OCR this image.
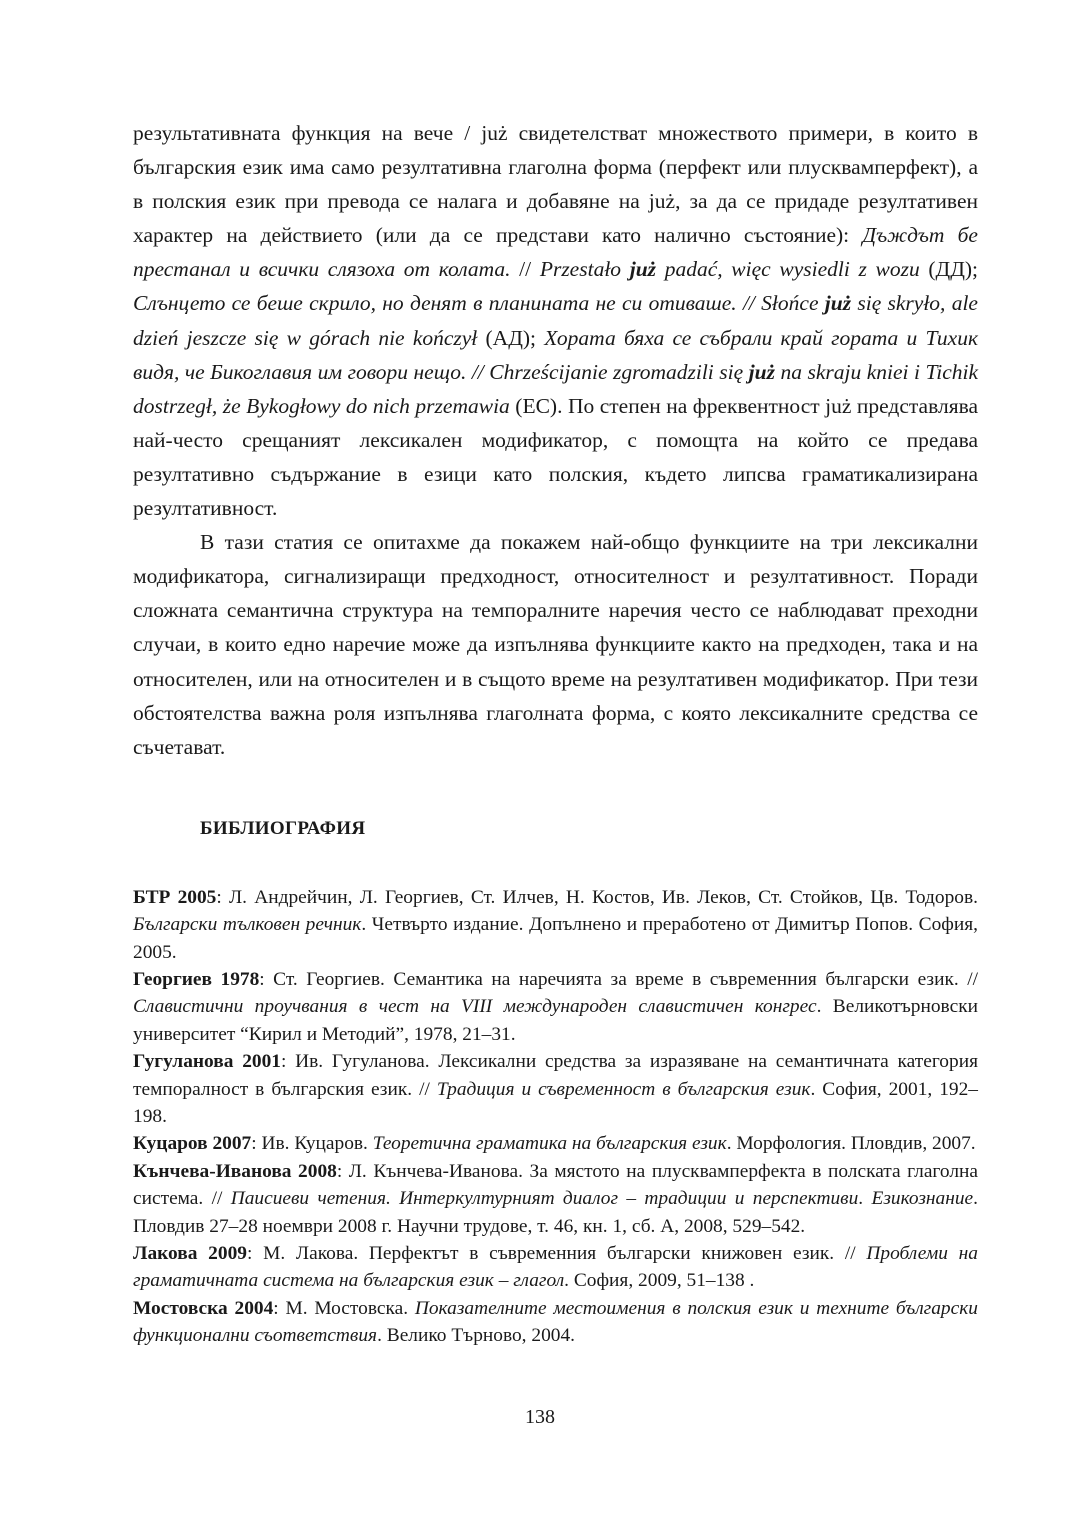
результативната функция на вече / już свидетелстват множеството примери, в които в българския език има само резултативна глаголна форма (перфект или плусквамперфект), а в полския език при превода се налага и добавяне на już, за да се придаде резултативен характер на действието (или да се представи като налично състояние): Дъждът бе престанал и всички слязоха от колата. // Przestało już padać, więc wysiedli z wozu (ДД); Слънцето се беше скрило, но денят в планината не си отиваше. // Słońce już się skryło, ale dzień jeszcze się w górach nie kończył (АД); Хората бяха се събрали край гората и Тихик видя, че Бикоглавия им говори нещо. // Chrześcijanie zgromadzili się już na skraju kniei i Tichik dostrzegł, że Bykogłowy do nich przemawia (ЕС). По степен на фреквентност już представлява най-често срещаният лексикален модификатор, с помощта на който се предава резултативно съдържание в езици като полския, където липсва граматикализирана резултативност.

В тази статия се опитахме да покажем най-общо функциите на три лексикални модификатора, сигнализиращи предходност, относителност и резултативност. Поради сложната семантична структура на темпоралните наречия често се наблюдават преходни случаи, в които едно наречие може да изпълнява функциите както на предходен, така и на относителен, или на относителен и в същото време на резултативен модификатор. При тези обстоятелства важна роля изпълнява глаголната форма, с която лексикалните средства се съчетават.

БИБЛИОГРАФИЯ

БТР 2005: Л. Андрейчин, Л. Георгиев, Ст. Илчев, Н. Костов, Ив. Леков, Ст. Стойков, Цв. Тодоров. Български тълковен речник. Четвърто издание. Допълнено и преработено от Димитър Попов. София, 2005.

Георгиев 1978: Ст. Георгиев. Семантика на наречията за време в съвременния български език. // Славистични проучвания в чест на VIII международен славистичен конгрес. Великотърновски университет “Кирил и Методий”, 1978, 21–31.

Гугуланова 2001: Ив. Гугуланова. Лексикални средства за изразяване на семантичната категория темпоралност в българския език. // Традиция и съвременност в българския език. София, 2001, 192–198.

Куцаров 2007: Ив. Куцаров. Теоретична граматика на българския език. Морфология. Пловдив, 2007.

Кънчева-Иванова 2008: Л. Кънчева-Иванова. За мястото на плусквамперфекта в полската глаголна система. // Паисиеви четения. Интеркултурният диалог – традиции и перспективи. Езикознание. Пловдив 27–28 ноември 2008 г. Научни трудове, т. 46, кн. 1, сб. А, 2008, 529–542.

Лакова 2009: М. Лакова. Перфектът в съвременния български книжовен език. // Проблеми на граматичната система на българския език – глагол. София, 2009, 51–138 .

Мостовска 2004: М. Мостовска. Показателните местоимения в полския език и техните български функционални съответствия. Велико Търново, 2004.

138
